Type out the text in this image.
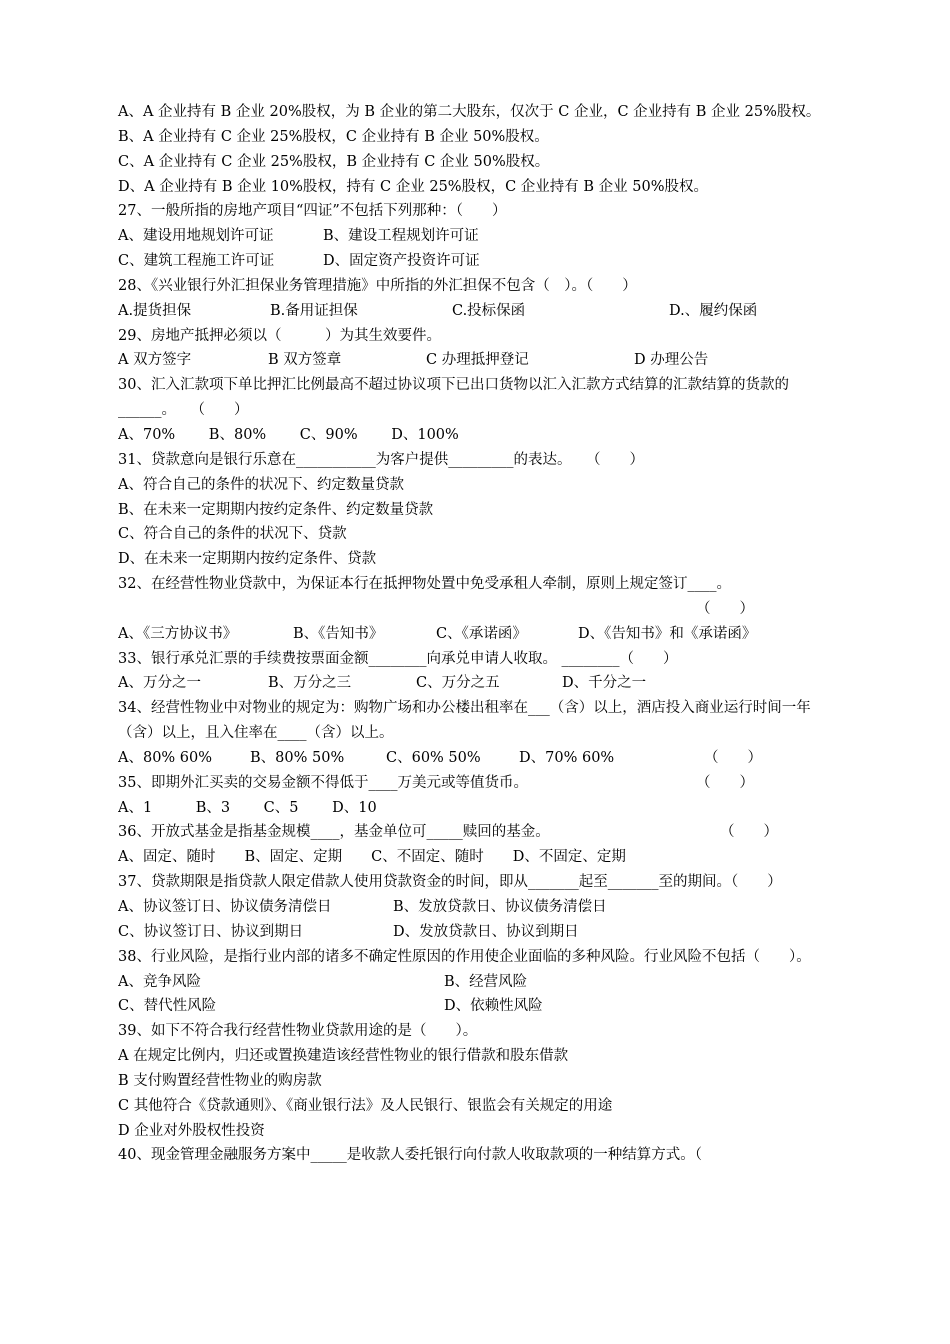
A、A 企业持有 B 企业 20%股权，为 B 企业的第二大股东，仅次于 C 企业，C 企业持有 B 企业 25%股权。
B、A 企业持有 C 企业 25%股权，C 企业持有 B 企业 50%股权。
C、A 企业持有 C 企业 25%股权，B 企业持有 C 企业 50%股权。
D、A 企业持有 B 企业 10%股权，持有 C 企业 25%股权，C 企业持有 B 企业 50%股权。
27、一般所指的房地产项目“四证”不包括下列那种：（　　）
A、建设用地规划许可证	B、建设工程规划许可证
C、建筑工程施工许可证	D、固定资产投资许可证
28、《兴业银行外汇担保业务管理措施》中所指的外汇担保不包含（　）。（　　）
A.提货担保	B.备用证担保	C.投标保函	D.、履约保函
29、房地产抵押必须以（　　　）为其生效要件。
A 双方签字	B 双方签章	C 办理抵押登记	D 办理公告
30、汇入汇款项下单比押汇比例最高不超过协议项下已出口货物以汇入汇款方式结算的汇款结算的货款的______。　　（　　）
A、70%　　 B、80%　　 C、90%　　 D、100%
31、贷款意向是银行乐意在___________为客户提供_________的表达。　　（　　）
A、符合自己的条件的状况下、约定数量贷款
B、在未来一定期期内按约定条件、约定数量贷款
C、符合自己的条件的状况下、贷款
D、在未来一定期期内按约定条件、贷款
32、在经营性物业贷款中，为保证本行在抵押物处置中免受承租人牵制，原则上规定签订____。
（　　）
A、《三方协议书》	B、《告知书》	C、《承诺函》	D、《告知书》和《承诺函》
33、银行承兑汇票的手续费按票面金额________向承兑申请人收取。 ________（　　）
A、万分之一	B、万分之三	C、万分之五	D、千分之一
34、经营性物业中对物业的规定为：购物广场和办公楼出租率在___（含）以上，酒店投入商业运行时间一年（含）以上，且入住率在____（含）以上。
A、80% 60%	B、80% 50%	C、60% 50%	D、70% 60%	（　　）
35、即期外汇买卖的交易金额不得低于____万美元或等值货币。	（　　）
A、1　　　B、3　　 C、5　　 D、10
36、开放式基金是指基金规模____，基金单位可_____赎回的基金。	（　　）
A、固定、随时　　B、固定、定期　　C、不固定、随时　　D、不固定、定期
37、贷款期限是指贷款人限定借款人使用贷款资金的时间，即从_______起至_______至的期间。（　　）
A、协议签订日、协议债务清偿日	B、发放贷款日、协议债务清偿日
C、协议签订日、协议到期日	D、发放贷款日、协议到期日
38、行业风险，是指行业内部的诸多不确定性原因的作用使企业面临的多种风险。行业风险不包括（　　）。
A、竞争风险	B、经营风险
C、替代性风险	D、依赖性风险
39、如下不符合我行经营性物业贷款用途的是（　　）。
A 在规定比例内，归还或置换建造该经营性物业的银行借款和股东借款
B 支付购置经营性物业的购房款
C 其他符合《贷款通则》、《商业银行法》及人民银行、银监会有关规定的用途
D 企业对外股权性投资
40、现金管理金融服务方案中_____是收款人委托银行向付款人收取款项的一种结算方式。（
